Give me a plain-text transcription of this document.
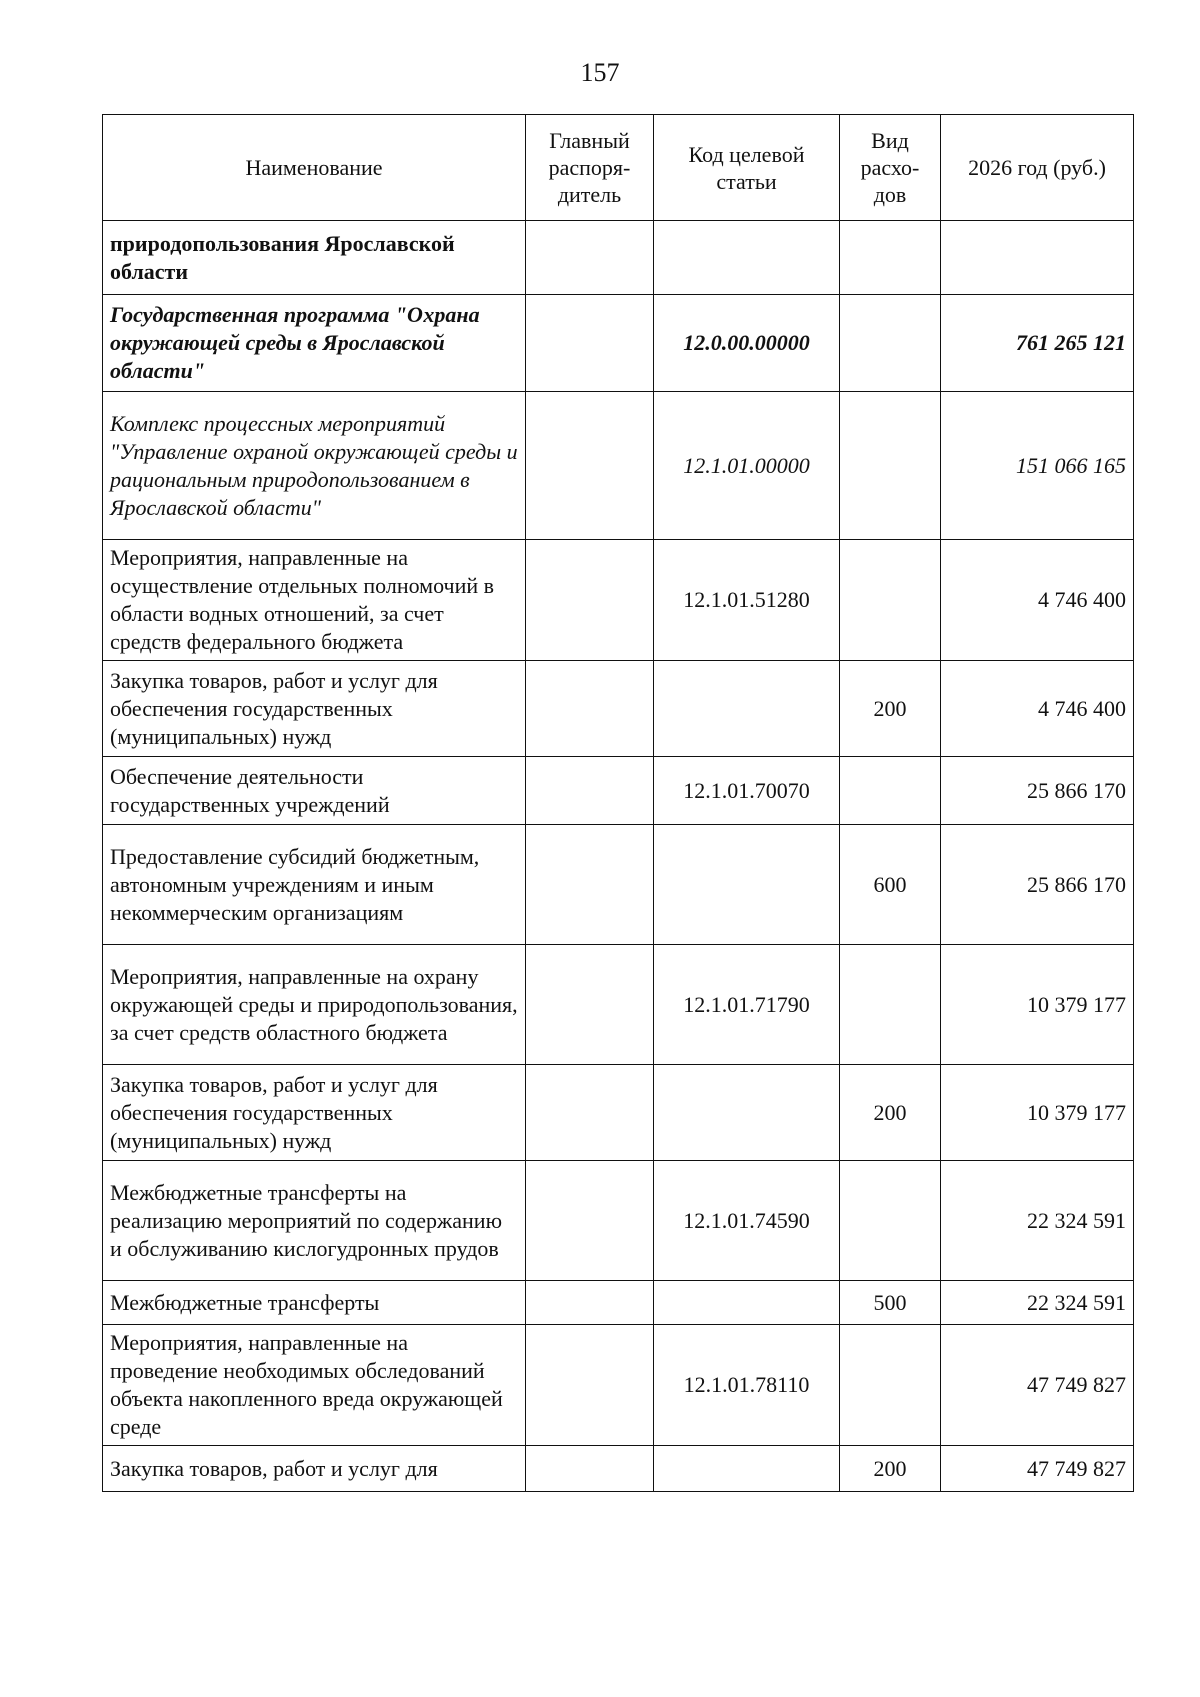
157
Наименование	Главный распоря-дитель	Код целевой статьи	Вид расхо-дов	2026 год (руб.)
природопользования Ярославской области				
Государственная программа "Охрана окружающей среды в Ярославской области"		12.0.00.00000		761 265 121
Комплекс процессных мероприятий "Управление охраной окружающей среды и рациональным природопользованием в Ярославской области"		12.1.01.00000		151 066 165
Мероприятия, направленные на осуществление отдельных полномочий в области водных отношений, за счет средств федерального бюджета		12.1.01.51280		4 746 400
Закупка товаров, работ и услуг для обеспечения государственных (муниципальных) нужд			200	4 746 400
Обеспечение деятельности государственных учреждений		12.1.01.70070		25 866 170
Предоставление субсидий бюджетным, автономным учреждениям и иным некоммерческим организациям			600	25 866 170
Мероприятия, направленные на охрану окружающей среды и природопользования, за счет средств областного бюджета		12.1.01.71790		10 379 177
Закупка товаров, работ и услуг для обеспечения государственных (муниципальных) нужд			200	10 379 177
Межбюджетные трансферты на реализацию мероприятий по содержанию и обслуживанию кислогудронных прудов		12.1.01.74590		22 324 591
Межбюджетные трансферты			500	22 324 591
Мероприятия, направленные на проведение необходимых обследований объекта накопленного вреда окружающей среде		12.1.01.78110		47 749 827
Закупка товаров, работ и услуг для			200	47 749 827
